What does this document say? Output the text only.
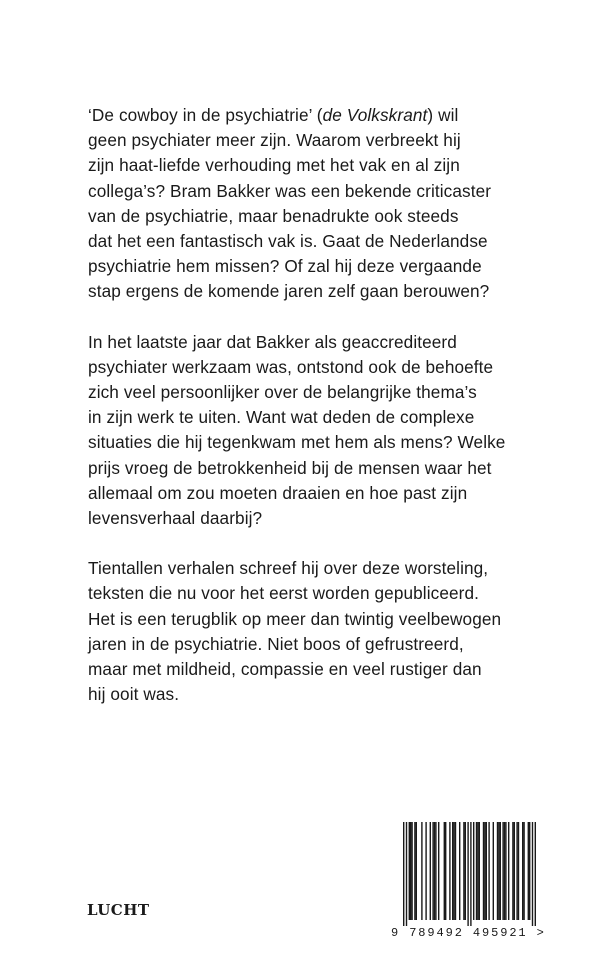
‘De cowboy in de psychiatrie’ (de Volkskrant) wil
geen psychiater meer zijn. Waarom verbreekt hij
zijn haat-liefde verhouding met het vak en al zijn
collega’s? Bram Bakker was een bekende criticaster
van de psychiatrie, maar benadrukte ook steeds
dat het een fantastisch vak is. Gaat de Nederlandse
psychiatrie hem missen? Of zal hij deze vergaande
stap ergens de komende jaren zelf gaan berouwen?
In het laatste jaar dat Bakker als geaccrediteerd
psychiater werkzaam was, ontstond ook de behoefte
zich veel persoonlijker over de belangrijke thema’s
in zijn werk te uiten. Want wat deden de complexe
situaties die hij tegenkwam met hem als mens? Welke
prijs vroeg de betrokkenheid bij de mensen waar het
allemaal om zou moeten draaien en hoe past zijn
levensverhaal daarbij?
Tientallen verhalen schreef hij over deze worsteling,
teksten die nu voor het eerst worden gepubliceerd.
Het is een terugblik op meer dan twintig veelbewogen
jaren in de psychiatrie. Niet boos of gefrustreerd,
maar met mildheid, compassie en veel rustiger dan
hij ooit was.
LUCHT
9 789492 495921 >
